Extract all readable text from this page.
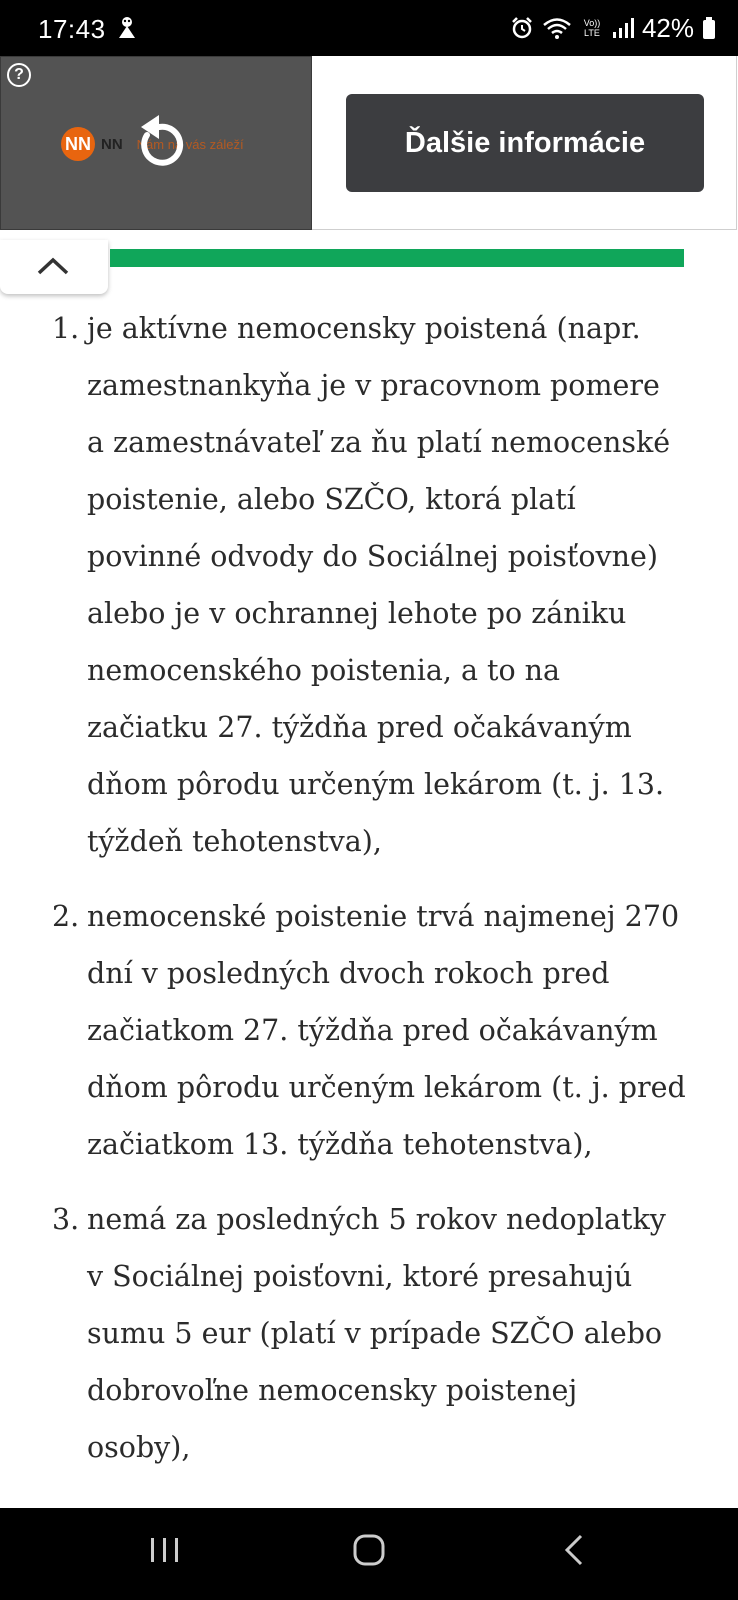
17:43	Vo)) LTE 42%
?
NN NN Nám na vás záleží	Ďalšie informácie
1. je aktívne nemocensky poistená (napr.
zamestnankyňa je v pracovnom pomere
a zamestnávateľ za ňu platí nemocenské
poistenie, alebo SZČO, ktorá platí
povinné odvody do Sociálnej poisťovne)
alebo je v ochrannej lehote po zániku
nemocenského poistenia, a to na
začiatku 27. týždňa pred očakávaným
dňom pôrodu určeným lekárom (t. j. 13.
týždeň tehotenstva),
2. nemocenské poistenie trvá najmenej 270
dní v posledných dvoch rokoch pred
začiatkom 27. týždňa pred očakávaným
dňom pôrodu určeným lekárom (t. j. pred
začiatkom 13. týždňa tehotenstva),
3. nemá za posledných 5 rokov nedoplatky
v Sociálnej poisťovni, ktoré presahujú
sumu 5 eur (platí v prípade SZČO alebo
dobrovoľne nemocensky poistenej
osoby),
